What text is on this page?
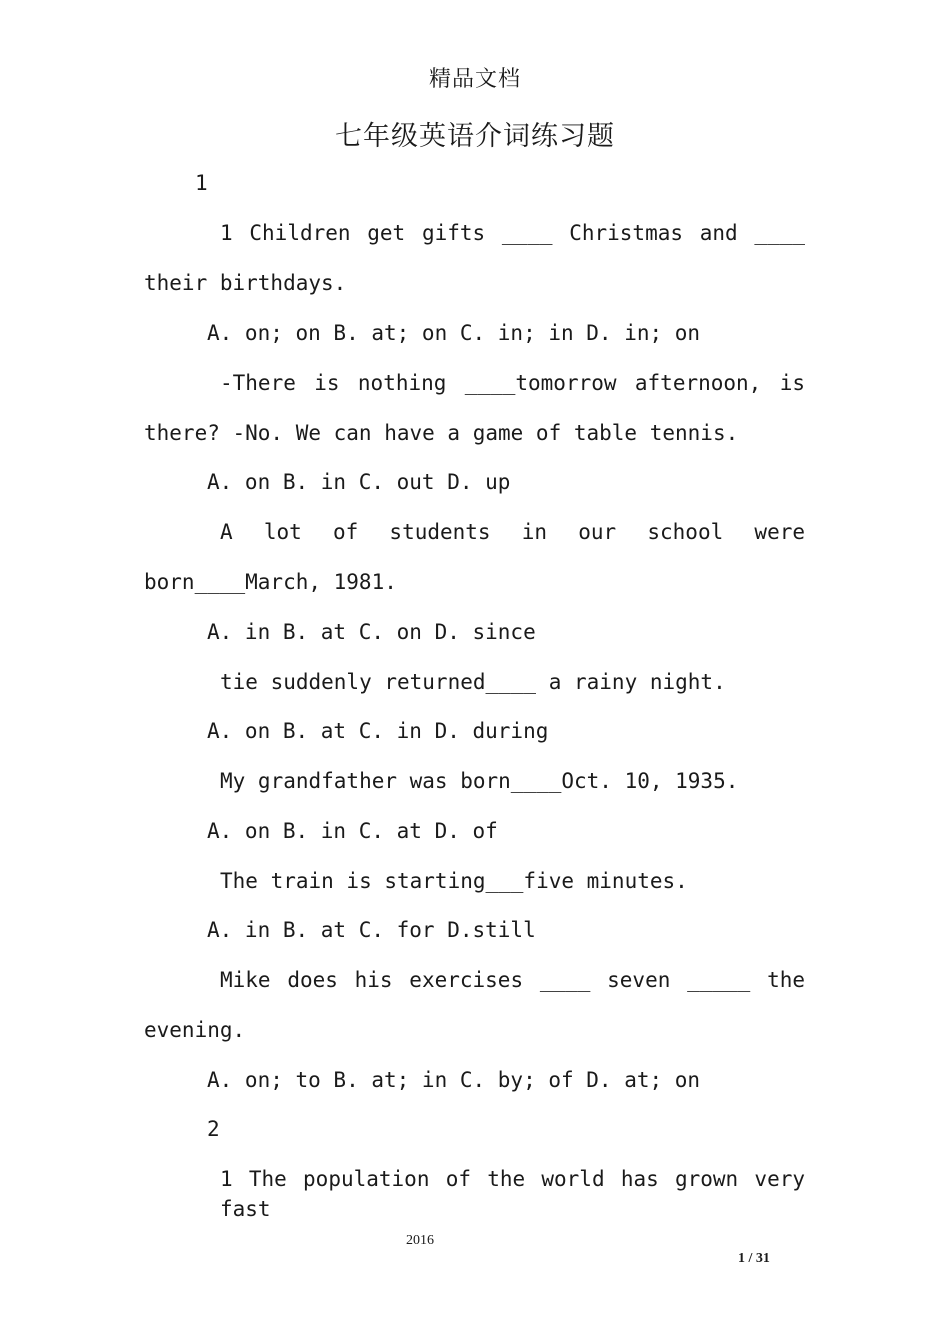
精品文档
七年级英语介词练习题
1
1 Children get gifts ____ Christmas and ____
their birthdays.
A. on; on B. at; on C. in; in D. in; on
-There is nothing ____tomorrow afternoon, is
there? -No. We can have a game of table tennis.
A. on B. in C. out D. up
A lot of students in our school were
born____March, 1981.
A. in B. at C. on D. since
tie suddenly returned____ a rainy night.
A. on B. at C. in D. during
My grandfather was born____Oct. 10, 1935.
A. on B. in C. at D. of
The train is starting___five minutes.
A. in B. at C. for D.still
Mike does his exercises ____ seven _____ the
evening.
A. on; to B. at; in C. by; of D. at; on
2
1 The population of the world has grown very fast
2016
1 / 31
